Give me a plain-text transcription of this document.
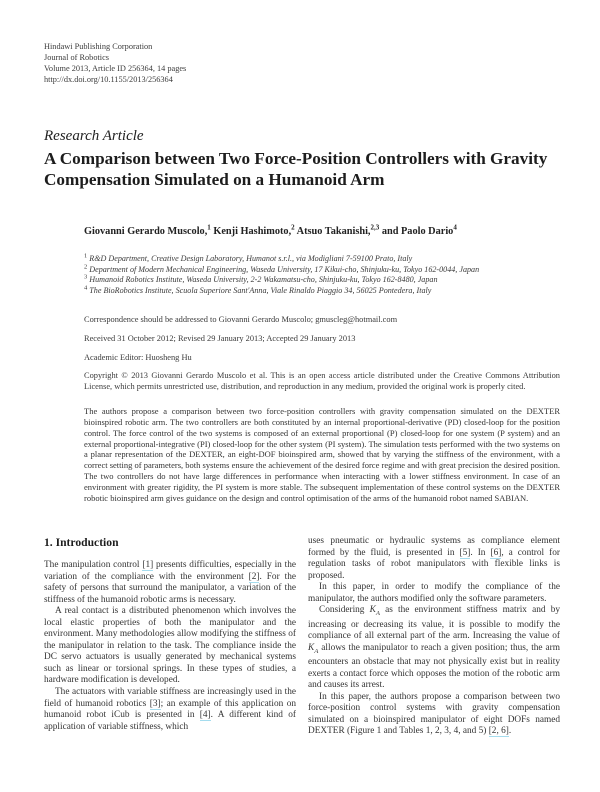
Hindawi Publishing Corporation
Journal of Robotics
Volume 2013, Article ID 256364, 14 pages
http://dx.doi.org/10.1155/2013/256364
Research Article
A Comparison between Two Force-Position Controllers with Gravity Compensation Simulated on a Humanoid Arm
Giovanni Gerardo Muscolo,$^1$ Kenji Hashimoto,$^2$ Atsuo Takanishi,$^{2,3}$ and Paolo Dario$^4$
$^1$ R&D Department, Creative Design Laboratory, Humanot s.r.l., via Modigliani 7-59100 Prato, Italy
$^2$ Department of Modern Mechanical Engineering, Waseda University, 17 Kikui-cho, Shinjuku-ku, Tokyo 162-0044, Japan
$^3$ Humanoid Robotics Institute, Waseda University, 2-2 Wakamatsu-cho, Shinjuku-ku, Tokyo 162-8480, Japan
$^4$ The BioRobotics Institute, Scuola Superiore Sant'Anna, Viale Rinaldo Piaggio 34, 56025 Pontedera, Italy
Correspondence should be addressed to Giovanni Gerardo Muscolo; gmuscleg@hotmail.com
Received 31 October 2012; Revised 29 January 2013; Accepted 29 January 2013
Academic Editor: Huosheng Hu
Copyright © 2013 Giovanni Gerardo Muscolo et al. This is an open access article distributed under the Creative Commons Attribution License, which permits unrestricted use, distribution, and reproduction in any medium, provided the original work is properly cited.
The authors propose a comparison between two force-position controllers with gravity compensation simulated on the DEXTER bioinspired robotic arm. The two controllers are both constituted by an internal proportional-derivative (PD) closed-loop for the position control. The force control of the two systems is composed of an external proportional (P) closed-loop for one system (P system) and an external proportional-integrative (PI) closed-loop for the other system (PI system). The simulation tests performed with the two systems on a planar representation of the DEXTER, an eight-DOF bioinspired arm, showed that by varying the stiffness of the environment, with a correct setting of parameters, both systems ensure the achievement of the desired force regime and with great precision the desired position. The two controllers do not have large differences in performance when interacting with a lower stiffness environment. In case of an environment with greater rigidity, the PI system is more stable. The subsequent implementation of these control systems on the DEXTER robotic bioinspired arm gives guidance on the design and control optimisation of the arms of the humanoid robot named SABIAN.
1. Introduction

The manipulation control [1] presents difficulties, especially in the variation of the compliance with the environment [2]. For the safety of persons that surround the manipulator, a variation of the stiffness of the humanoid robotic arms is necessary.

A real contact is a distributed phenomenon which involves the local elastic properties of both the manipulator and the environment. Many methodologies allow modifying the stiffness of the manipulator in relation to the task. The compliance inside the DC servo actuators is usually generated by mechanical systems such as linear or torsional springs. In these types of studies, a hardware modification is developed.

The actuators with variable stiffness are increasingly used in the field of humanoid robotics [3]; an example of this application on humanoid robot iCub is presented in [4]. A different kind of application of variable stiffness, which

uses pneumatic or hydraulic systems as compliance element formed by the fluid, is presented in [5]. In [6], a control for regulation tasks of robot manipulators with flexible links is proposed.

In this paper, in order to modify the compliance of the manipulator, the authors modified only the software parameters.

Considering $K_A$ as the environment stiffness matrix and by increasing or decreasing its value, it is possible to modify the compliance of all external part of the arm. Increasing the value of $K_A$ allows the manipulator to reach a given position; thus, the arm encounters an obstacle that may not physically exist but in reality exerts a contact force which opposes the motion of the robotic arm and causes its arrest.

In this paper, the authors propose a comparison between two force-position control systems with gravity compensation simulated on a bioinspired manipulator of eight DOFs named DEXTER (Figure 1 and Tables 1, 2, 3, 4, and 5) [2, 6].
